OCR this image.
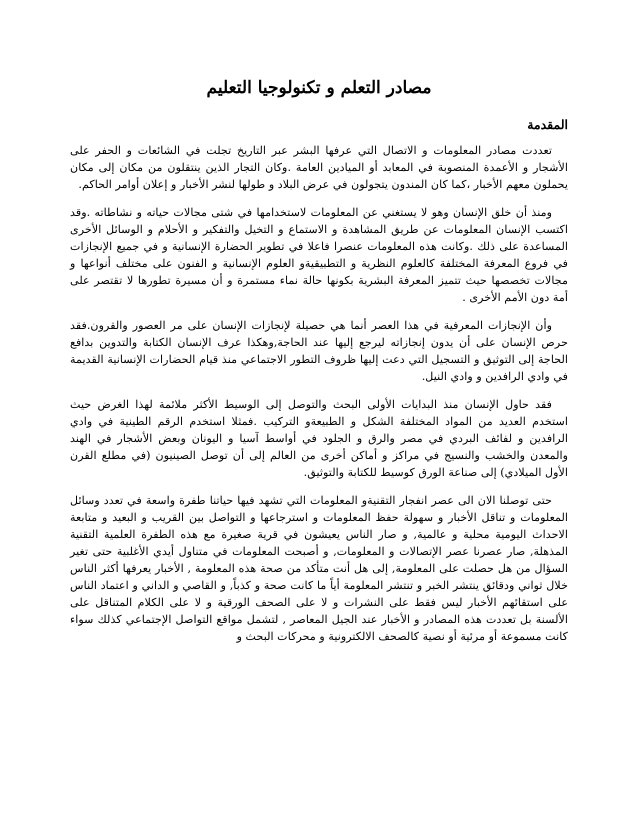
مصادر التعلم و تكنولوجيا التعليم
المقدمة

تعددت مصادر المعلومات و الاتصال التي عرفها البشر عبر التاريخ تجلت في الشائعات و الحفر على الأشجار و الأعمدة المنصوبة في المعابد أو الميادين العامة .وكان التجار الذين ينتقلون من مكان إلى مكان يحملون معهم الأخبار ،كما كان المندون يتجولون في عرض البلاد و طولها لنشر الأخبار و إعلان أوامر الحاكم.

ومنذ أن خلق الإنسان وهو لا يستغني عن المعلومات لاستخدامها في شتى مجالات حياته و نشاطاته .وقد اكتسب الإنسان المعلومات عن طريق المشاهدة و الاستماع و التخيل والتفكير و الأحلام و الوسائل الأخرى المساعدة على ذلك .وكانت هذه المعلومات عنصرا فاعلا في تطوير الحضارة الإنسانية و في جميع الإنجازات في فروع المعرفة المختلفة كالعلوم النظرية و التطبيقيةو العلوم الإنسانية و الفنون على مختلف أنواعها و مجالات تخصصها حيث تتميز المعرفة البشرية بكونها حالة نماء مستمرة و أن مسيرة تطورها لا تقتصر على أمة دون الأمم الأخرى .

وأن الإنجازات المعرفية في هذا العصر أنما هي حصيلة لإنجازات الإنسان على مر العصور والقرون.فقد حرص الإنسان على أن يدون إنجازاته ليرجع إليها عند الحاجة,وهكذا عرف الإنسان الكتابة والتدوين بدافع الحاجة إلى التوثيق و التسجيل التي دعت إليها ظروف التطور الاجتماعي منذ قيام الحضارات الإنسانية القديمة في وادي الرافدين و وادي النيل.

فقد حاول الإنسان منذ البدايات الأولى البحث والتوصل إلى الوسيط الأكثر ملائمة لهذا الغرض حيث استخدم العديد من المواد المختلفة الشكل و الطبيعةو التركيب .فمثلا استخدم الرقم الطينية في وادي الرافدين و لفائف البردي في مصر والرق و الجلود في أواسط آسيا و اليونان وبعض الأشجار في الهند والمعدن والخشب والنسيج في مراكز و أماكن أخرى من العالم إلى أن توصل الصينيون (في مطلع القرن الأول الميلادي) إلى صناعة الورق كوسيط للكتابة والتوثيق.

حتى توصلنا الان الى عصر انفجار التقنيةو المعلومات التي تشهد فيها حياتنا طفرة واسعة في تعدد وسائل المعلومات و تناقل الأخبار و سهولة حفظ المعلومات و استرجاعها و التواصل بين القريب و البعيد و متابعة الاحداث اليومية محلية و عالمية, و صار الناس يعيشون في قرية صغيرة مع هذه الطفرة العلمية التقنية المذهلة, صار عصرنا عصر الإتصالات و المعلومات, و أصبحت المعلومات في متناول أيدي الأغلبية حتى تغير السؤال من هل حصلت على المعلومة, إلى هل أنت متأكد من صحة هذه المعلومة , الأخبار يعرفها أكثر الناس خلال ثواني ودقائق ينتشر الخبر و تنتشر المعلومة أياً ما كانت صحة و كذباً, و القاصي و الداني و اعتماد الناس على استقائهم الأخبار ليس فقط على النشرات و لا على الصحف الورقية و لا على الكلام المتناقل على الألسنة بل تعددت هذه المصادر و الأخبار عند الجيل المعاصر , لتشمل مواقع التواصل الإجتماعي كذلك سواء كانت مسموعة أو مرئية أو نصية كالصحف الالكترونية و محركات البحث و
